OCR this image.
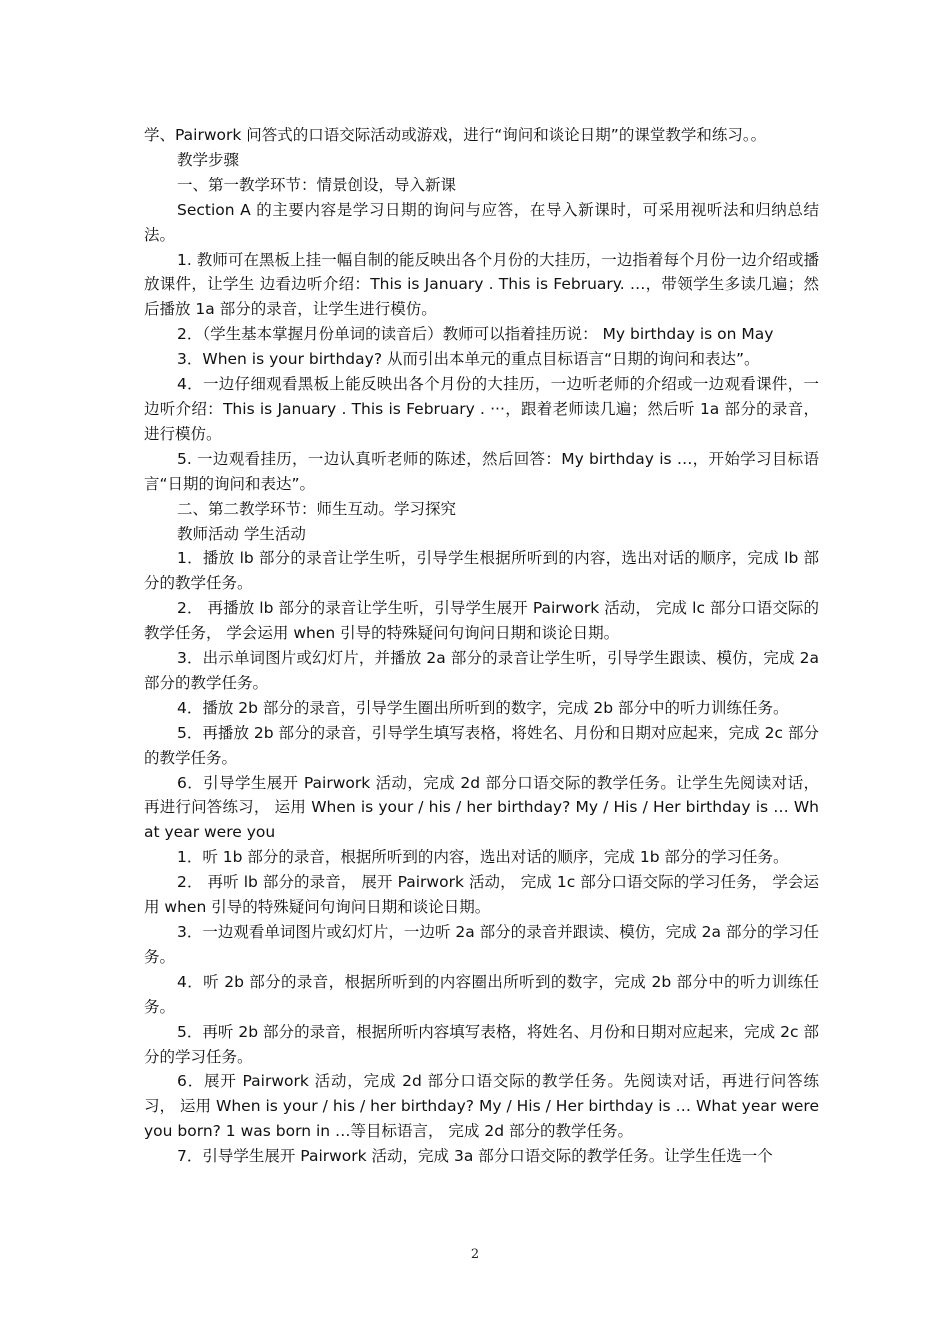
学、Pairwork 问答式的口语交际活动或游戏，进行“询问和谈论日期”的课堂教学和练习。。

教学步骤

一、第一教学环节：情景创设，导入新课

Section A 的主要内容是学习日期的询问与应答，在导入新课时，可采用视听法和归纳总结法。

1. 教师可在黑板上挂一幅自制的能反映出各个月份的大挂历，一边指着每个月份一边介绍或播放课件，让学生 边看边听介绍：This is January . This is February. …，带领学生多读几遍；然后播放 1a 部分的录音，让学生进行模仿。

2．（学生基本掌握月份单词的读音后）教师可以指着挂历说： My birthday is on May

3．When is your birthday? 从而引出本单元的重点目标语言“日期的询问和表达”。

4．一边仔细观看黑板上能反映出各个月份的大挂历，一边听老师的介绍或一边观看课件，一边听介绍：This is January . This is February . ···，跟着老师读几遍；然后听 1a 部分的录音，进行模仿。

5. 一边观看挂历，一边认真听老师的陈述，然后回答：My birthday is …，开始学习目标语言“日期的询问和表达”。

二、第二教学环节：师生互动。学习探究

教师活动 学生活动

1．播放 lb 部分的录音让学生听，引导学生根据所听到的内容，选出对话的顺序，完成 lb 部分的教学任务。

2． 再播放 lb 部分的录音让学生听，引导学生展开 Pairwork 活动， 完成 lc 部分口语交际的教学任务， 学会运用 when 引导的特殊疑问句询问日期和谈论日期。

3．出示单词图片或幻灯片，并播放 2a 部分的录音让学生听，引导学生跟读、模仿，完成 2a 部分的教学任务。

4．播放 2b 部分的录音，引导学生圈出所听到的数字，完成 2b 部分中的听力训练任务。

5．再播放 2b 部分的录音，引导学生填写表格，将姓名、月份和日期对应起来，完成 2c 部分的教学任务。

6．引导学生展开 Pairwork 活动，完成 2d 部分口语交际的教学任务。让学生先阅读对话， 再进行问答练习， 运用 When is your / his / her birthday? My / His / Her birthday is … What year were you

1．听 1b 部分的录音，根据所听到的内容，选出对话的顺序，完成 1b 部分的学习任务。

2． 再听 lb 部分的录音， 展开 Pairwork 活动， 完成 1c 部分口语交际的学习任务， 学会运用 when 引导的特殊疑问句询问日期和谈论日期。

3．一边观看单词图片或幻灯片，一边听 2a 部分的录音并跟读、模仿，完成 2a 部分的学习任务。

4．听 2b 部分的录音，根据所听到的内容圈出所听到的数字，完成 2b 部分中的听力训练任务。

5．再听 2b 部分的录音，根据所听内容填写表格，将姓名、月份和日期对应起来，完成 2c 部分的学习任务。

6．展开 Pairwork 活动，完成 2d 部分口语交际的教学任务。先阅读对话，再进行问答练习， 运用 When is your / his / her birthday? My / His / Her birthday is … What year were you born? 1 was born in …等目标语言， 完成 2d 部分的教学任务。

7．引导学生展开 Pairwork 活动，完成 3a 部分口语交际的教学任务。让学生任选一个

2
